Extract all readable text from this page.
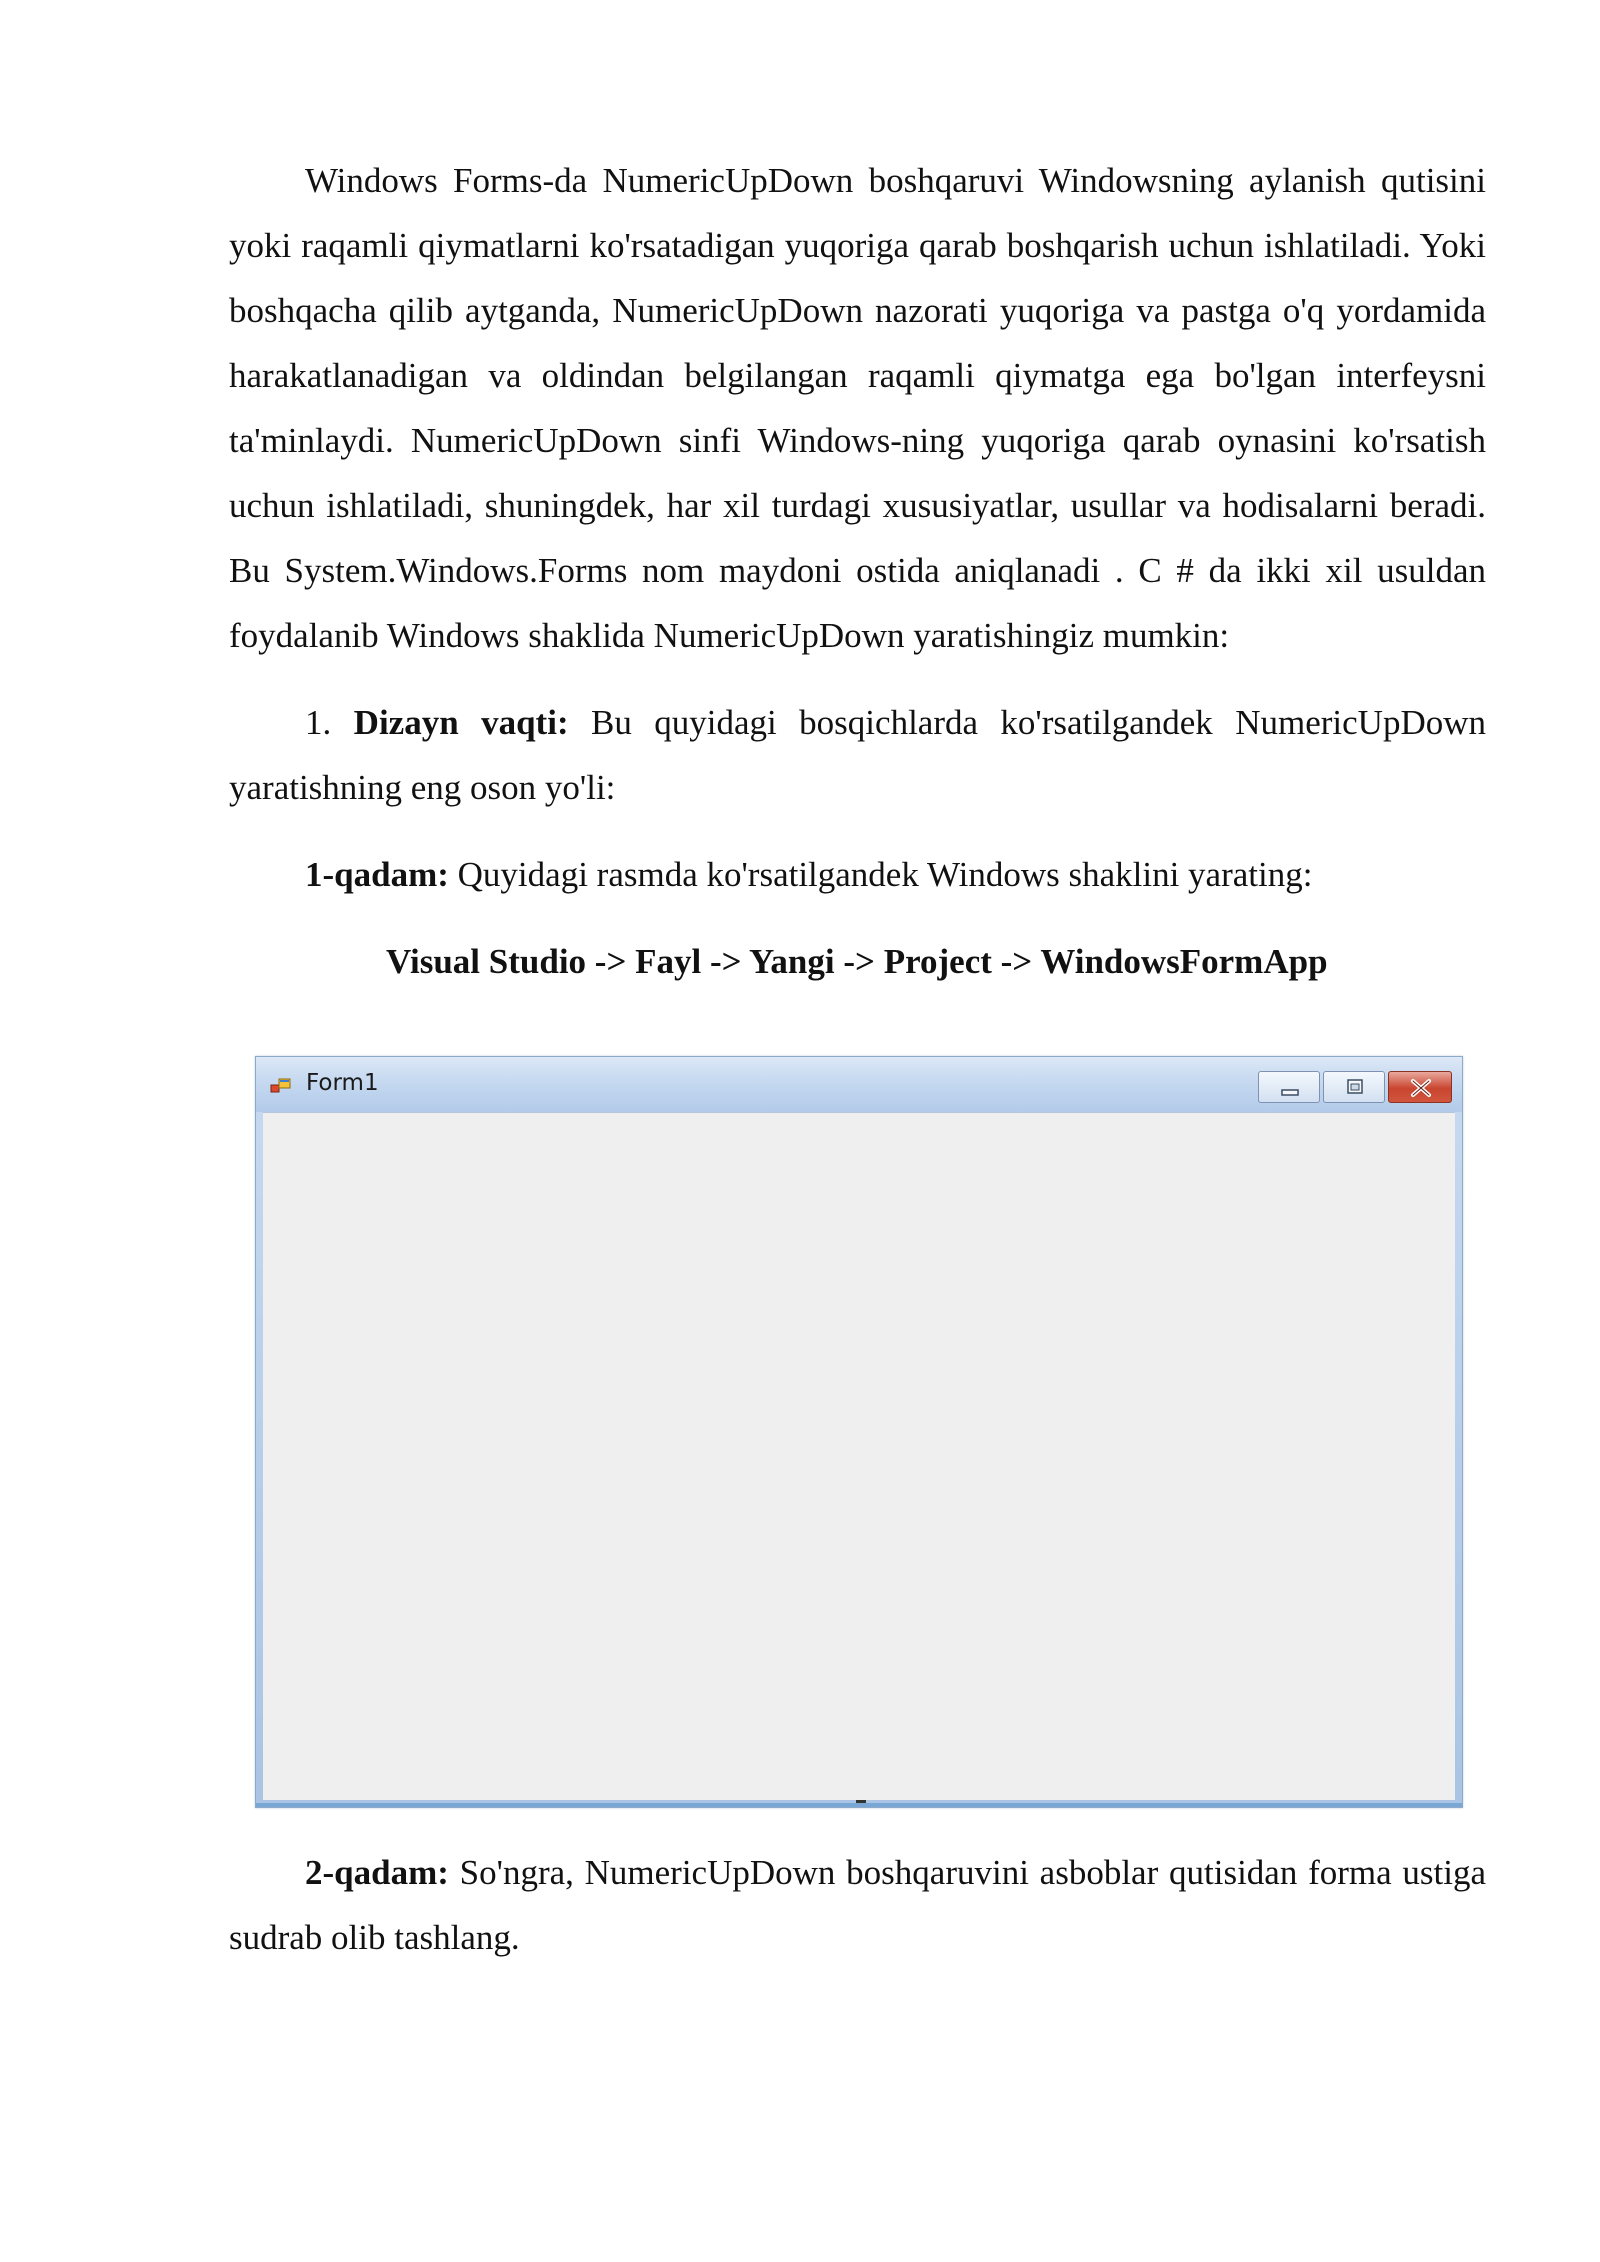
Windows Forms-da NumericUpDown boshqaruvi Windowsning aylanish qutisini yoki raqamli qiymatlarni ko'rsatadigan yuqoriga qarab boshqarish uchun ishlatiladi. Yoki boshqacha qilib aytganda, NumericUpDown nazorati yuqoriga va pastga o'q yordamida harakatlanadigan va oldindan belgilangan raqamli qiymatga ega bo'lgan interfeysni ta'minlaydi. NumericUpDown sinfi Windows-ning yuqoriga qarab oynasini ko'rsatish uchun ishlatiladi, shuningdek, har xil turdagi xususiyatlar, usullar va hodisalarni beradi. Bu System.Windows.Forms nom maydoni ostida aniqlanadi . C # da ikki xil usuldan foydalanib Windows shaklida NumericUpDown yaratishingiz mumkin:

1. Dizayn vaqti: Bu quyidagi bosqichlarda ko'rsatilgandek NumericUpDown yaratishning eng oson yo'li:

1-qadam: Quyidagi rasmda ko'rsatilgandek Windows shaklini yarating:

Visual Studio -> Fayl -> Yangi -> Project -> WindowsFormApp
Form1

2-qadam: So'ngra, NumericUpDown boshqaruvini asboblar qutisidan forma ustiga sudrab olib tashlang.
